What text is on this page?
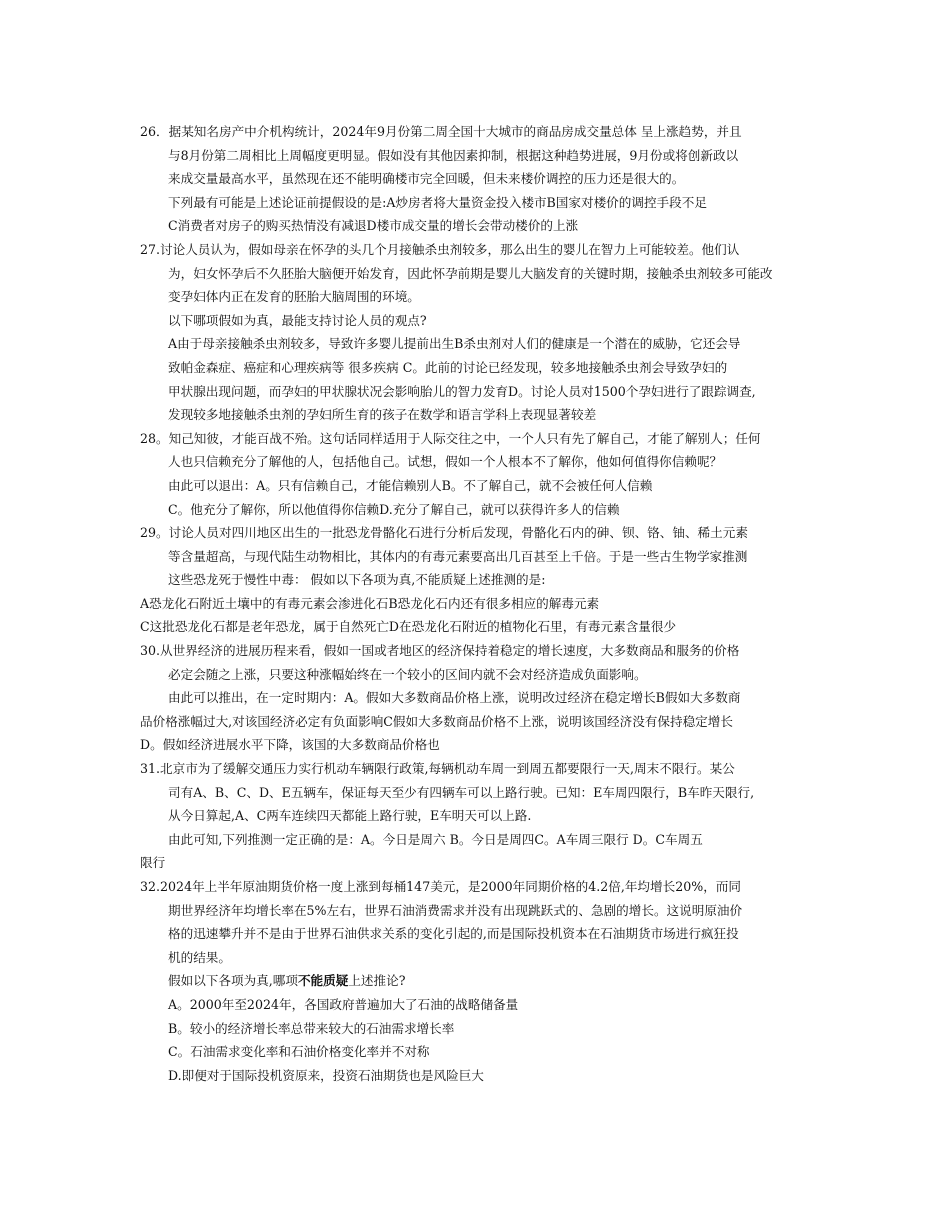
26．据某知名房产中介机构统计，2024年9月份第二周全国十大城市的商品房成交量总体 呈上涨趋势，并且
与8月份第二周相比上周幅度更明显。假如没有其他因素抑制，根据这种趋势进展，9月份或将创新政以
来成交量最高水平，虽然现在还不能明确楼市完全回暖，但未来楼价调控的压力还是很大的。
下列最有可能是上述论证前提假设的是:A炒房者将大量资金投入楼市B国家对楼价的调控手段不足
C消费者对房子的购买热情没有减退D楼市成交量的增长会带动楼价的上涨
27.讨论人员认为，假如母亲在怀孕的头几个月接触杀虫剂较多，那么出生的婴儿在智力上可能较差。他们认
为，妇女怀孕后不久胚胎大脑便开始发育，因此怀孕前期是婴儿大脑发育的关键时期，接触杀虫剂较多可能改
变孕妇体内正在发育的胚胎大脑周围的环境。
以下哪项假如为真，最能支持讨论人员的观点?
A由于母亲接触杀虫剂较多，导致许多婴儿提前出生B杀虫剂对人们的健康是一个潜在的威胁，它还会导
致帕金森症、癌症和心理疾病等 很多疾病 C。此前的讨论已经发现，较多地接触杀虫剂会导致孕妇的
甲状腺出现问题，而孕妇的甲状腺状况会影响胎儿的智力发育D。讨论人员对1500个孕妇进行了跟踪调查,
发现较多地接触杀虫剂的孕妇所生育的孩子在数学和语言学科上表现显著较差
28。知己知彼，才能百战不殆。这句话同样适用于人际交往之中，一个人只有先了解自己，才能了解别人；任何
人也只信赖充分了解他的人，包括他自己。试想，假如一个人根本不了解你，他如何值得你信赖呢？
由此可以退出：A。只有信赖自己，才能信赖别人B。不了解自己，就不会被任何人信赖
C。他充分了解你，所以他值得你信赖D.充分了解自己，就可以获得许多人的信赖
29。讨论人员对四川地区出生的一批恐龙骨骼化石进行分析后发现，骨骼化石内的砷、钡、铬、铀、稀土元素
等含量超高，与现代陆生动物相比，其体内的有毒元素要高出几百甚至上千倍。于是一些古生物学家推测
这些恐龙死于慢性中毒： 假如以下各项为真,不能质疑上述推测的是:
A恐龙化石附近土壤中的有毒元素会渗进化石B恐龙化石内还有很多相应的解毒元素
C这批恐龙化石都是老年恐龙，属于自然死亡D在恐龙化石附近的植物化石里，有毒元素含量很少
30.从世界经济的进展历程来看，假如一国或者地区的经济保持着稳定的增长速度，大多数商品和服务的价格
必定会随之上涨，只要这种涨幅始终在一个较小的区间内就不会对经济造成负面影响。
由此可以推出，在一定时期内：A。假如大多数商品价格上涨，说明改过经济在稳定增长B假如大多数商
品价格涨幅过大,对该国经济必定有负面影响C假如大多数商品价格不上涨，说明该国经济没有保持稳定增长
D。假如经济进展水平下降，该国的大多数商品价格也
31.北京市为了缓解交通压力实行机动车辆限行政策,每辆机动车周一到周五都要限行一天,周末不限行。某公
司有A、B、C、D、E五辆车，保证每天至少有四辆车可以上路行驶。已知：E车周四限行，B车昨天限行,
从今日算起,A、C两车连续四天都能上路行驶，E车明天可以上路.
由此可知,下列推测一定正确的是：A。今日是周六 B。今日是周四C。A车周三限行 D。C车周五
限行
32.2024年上半年原油期货价格一度上涨到每桶147美元，是2000年同期价格的4.2倍,年均增长20%，而同
期世界经济年均增长率在5%左右，世界石油消费需求并没有出现跳跃式的、急剧的增长。这说明原油价
格的迅速攀升并不是由于世界石油供求关系的变化引起的,而是国际投机资本在石油期货市场进行疯狂投
机的结果。
假如以下各项为真,哪项不能质疑上述推论?
A。2000年至2024年，各国政府普遍加大了石油的战略储备量
B。较小的经济增长率总带来较大的石油需求增长率
C。石油需求变化率和石油价格变化率并不对称
D.即便对于国际投机资原来，投资石油期货也是风险巨大
